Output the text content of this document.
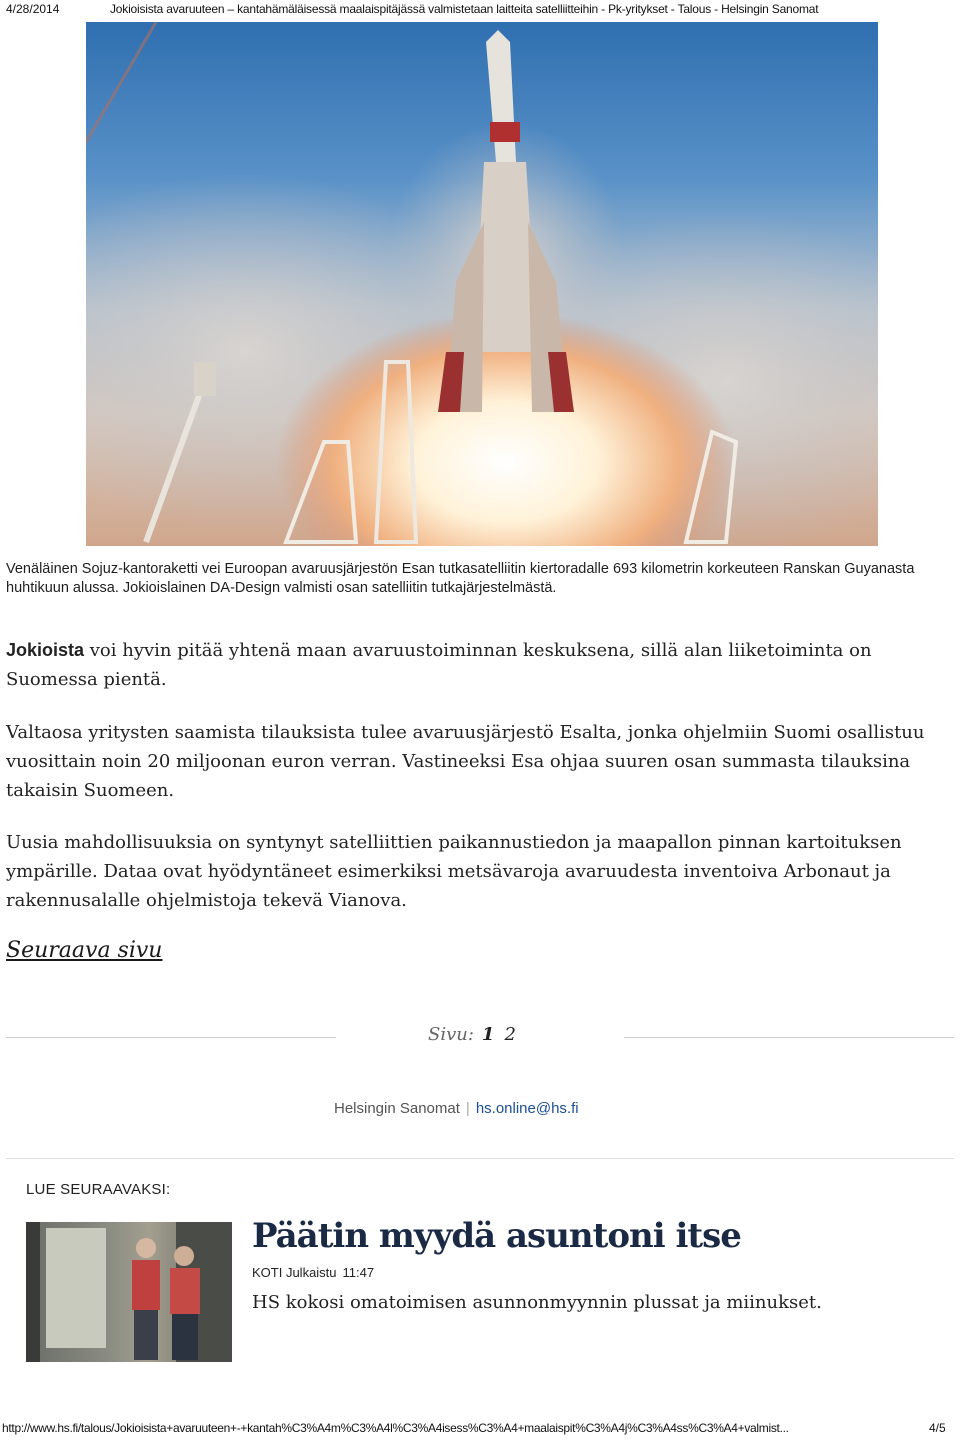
4/28/2014	Jokioisista avaruuteen – kantahämäläisessä maalaispitäjässä valmistetaan laitteita satelliitteihin - Pk-yritykset - Talous - Helsingin Sanomat
Venäläinen Sojuz-kantoraketti vei Euroopan avaruusjärjestön Esan tutkasatelliitin kiertoradalle 693 kilometrin korkeuteen Ranskan Guyanasta huhtikuun alussa. Jokioislainen DA-Design valmisti osan satelliitin tutkajärjestelmästä.
Jokioista voi hyvin pitää yhtenä maan avaruustoiminnan keskuksena, sillä alan liiketoiminta on Suomessa pientä.
Valtaosa yritysten saamista tilauksista tulee avaruusjärjestö Esalta, jonka ohjelmiin Suomi osallistuu vuosittain noin 20 miljoonan euron verran. Vastineeksi Esa ohjaa suuren osan summasta tilauksina takaisin Suomeen.
Uusia mahdollisuuksia on syntynyt satelliittien paikannustiedon ja maapallon pinnan kartoituksen ympärille. Dataa ovat hyödyntäneet esimerkiksi metsävaroja avaruudesta inventoiva Arbonaut ja rakennusalalle ohjelmistoja tekevä Vianova.
Seuraava sivu
Sivu: 1 2
Helsingin Sanomat | hs.online@hs.fi
LUE SEURAAVAKSI:
Päätin myydä asuntoni itse
KOTI Julkaistu 11:47
HS kokosi omatoimisen asunnonmyynnin plussat ja miinukset.
http://www.hs.fi/talous/Jokioisista+avaruuteen+-+kantah%C3%A4m%C3%A4l%C3%A4isess%C3%A4+maalaispit%C3%A4j%C3%A4ss%C3%A4+valmist...	4/5
